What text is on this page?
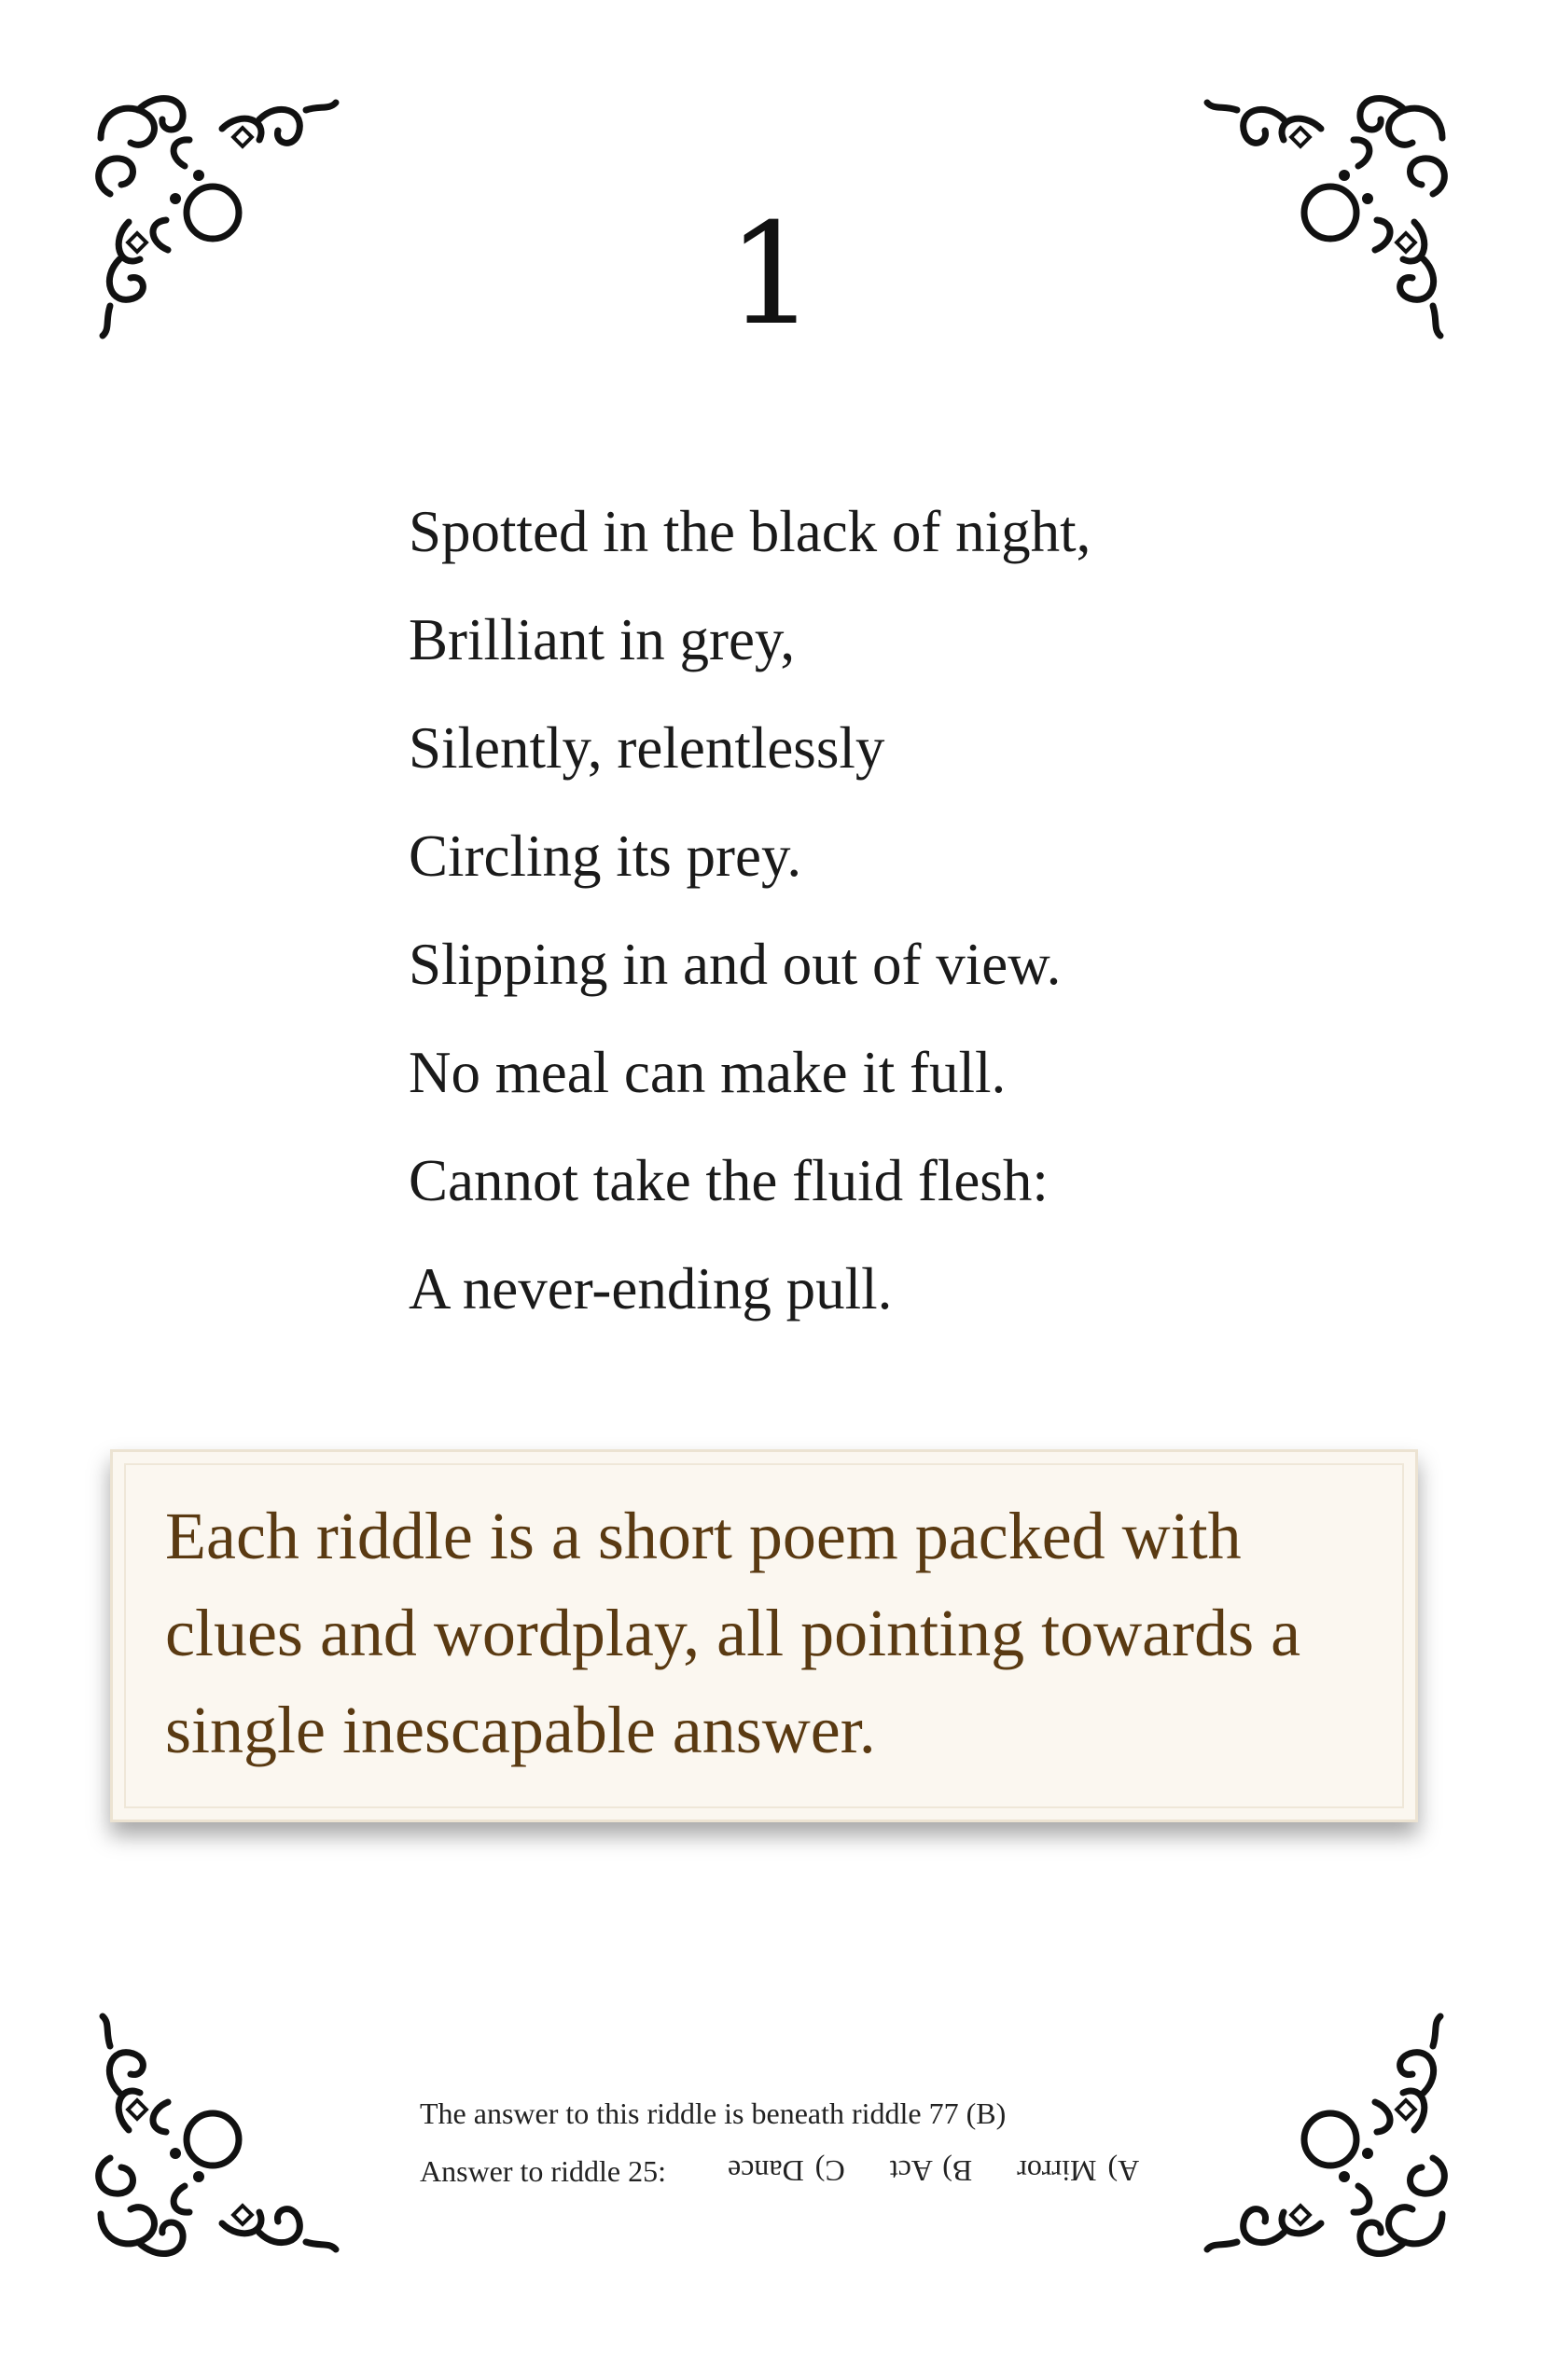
1
Spotted in the black of night,
Brilliant in grey,
Silently, relentlessly
Circling its prey.
Slipping in and out of view.
No meal can make it full.
Cannot take the fluid flesh:
A never-ending pull.
Each riddle is a short poem packed with clues and wordplay, all pointing towards a single inescapable answer.
The answer to this riddle is beneath riddle 77 (B)
Answer to riddle 25:	A) Mirror B) Act C) Dance
